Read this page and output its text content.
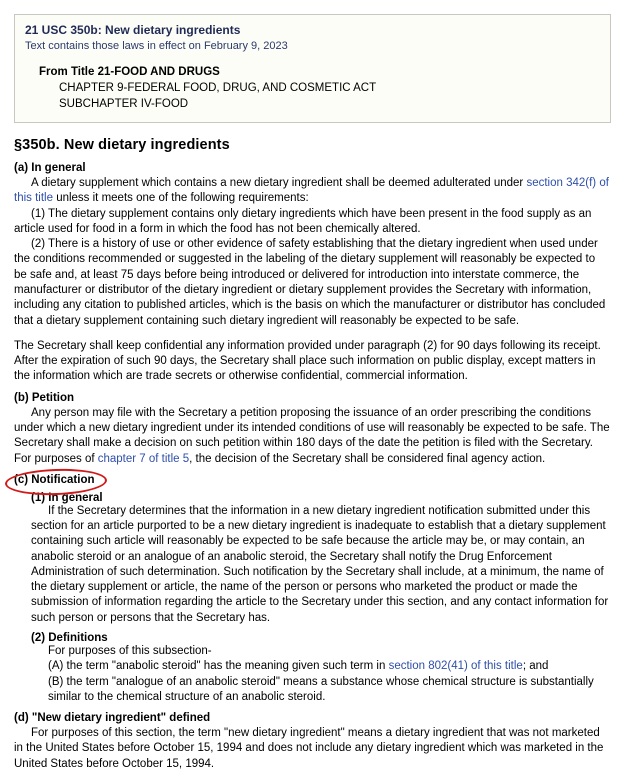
21 USC 350b: New dietary ingredients
Text contains those laws in effect on February 9, 2023
From Title 21-FOOD AND DRUGS
CHAPTER 9-FEDERAL FOOD, DRUG, AND COSMETIC ACT
SUBCHAPTER IV-FOOD
§350b. New dietary ingredients
(a) In general

A dietary supplement which contains a new dietary ingredient shall be deemed adulterated under section 342(f) of this title unless it meets one of the following requirements:

(1) The dietary supplement contains only dietary ingredients which have been present in the food supply as an article used for food in a form in which the food has not been chemically altered.

(2) There is a history of use or other evidence of safety establishing that the dietary ingredient when used under the conditions recommended or suggested in the labeling of the dietary supplement will reasonably be expected to be safe and, at least 75 days before being introduced or delivered for introduction into interstate commerce, the manufacturer or distributor of the dietary ingredient or dietary supplement provides the Secretary with information, including any citation to published articles, which is the basis on which the manufacturer or distributor has concluded that a dietary supplement containing such dietary ingredient will reasonably be expected to be safe.

The Secretary shall keep confidential any information provided under paragraph (2) for 90 days following its receipt. After the expiration of such 90 days, the Secretary shall place such information on public display, except matters in the information which are trade secrets or otherwise confidential, commercial information.

(b) Petition

Any person may file with the Secretary a petition proposing the issuance of an order prescribing the conditions under which a new dietary ingredient under its intended conditions of use will reasonably be expected to be safe. The Secretary shall make a decision on such petition within 180 days of the date the petition is filed with the Secretary. For purposes of chapter 7 of title 5, the decision of the Secretary shall be considered final agency action.

(c) Notification
(1) In general

If the Secretary determines that the information in a new dietary ingredient notification submitted under this section for an article purported to be a new dietary ingredient is inadequate to establish that a dietary supplement containing such article will reasonably be expected to be safe because the article may be, or may contain, an anabolic steroid or an analogue of an anabolic steroid, the Secretary shall notify the Drug Enforcement Administration of such determination. Such notification by the Secretary shall include, at a minimum, the name of the dietary supplement or article, the name of the person or persons who marketed the product or made the submission of information regarding the article to the Secretary under this section, and any contact information for such person or persons that the Secretary has.

(2) Definitions

For purposes of this subsection-

(A) the term "anabolic steroid" has the meaning given such term in section 802(41) of this title; and

(B) the term "analogue of an anabolic steroid" means a substance whose chemical structure is substantially similar to the chemical structure of an anabolic steroid.

(d) "New dietary ingredient" defined

For purposes of this section, the term "new dietary ingredient" means a dietary ingredient that was not marketed in the United States before October 15, 1994 and does not include any dietary ingredient which was marketed in the United States before October 15, 1994.
